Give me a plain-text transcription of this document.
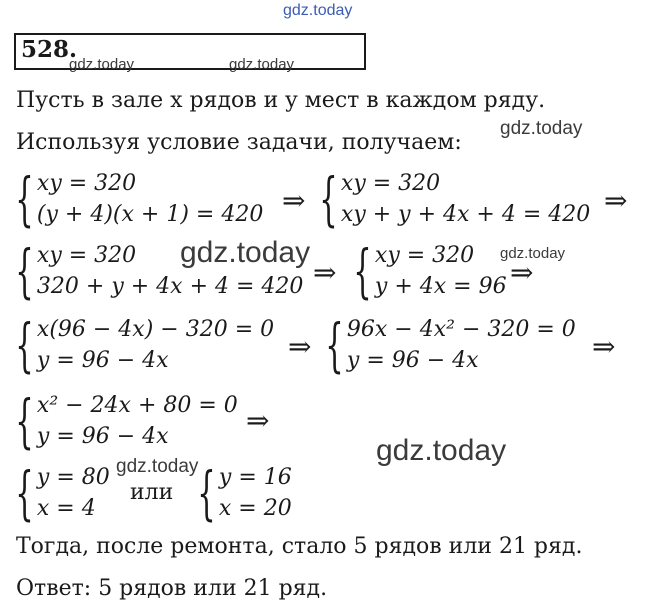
gdz.today
528.
gdz.today	gdz.today
Пусть в зале x рядов и y мест в каждом ряду.
gdz.today
Используя условие задачи, получаем:
{ xy = 320
(y + 4)(x + 1) = 420 ⇒ { xy = 320
xy + y + 4x + 4 = 420 ⇒
{ xy = 320
320 + y + 4x + 4 = 420
gdz.today
⇒ { xy = 320
y + 4x = 96
gdz.today
⇒
{ x(96 − 4x) − 320 = 0
y = 96 − 4x	⇒ { 96x − 4x² − 320 = 0
y = 96 − 4x	⇒
{ x² − 24x + 80 = 0
y = 96 − 4x	⇒
gdz.today
{ y = 80
x = 4
gdz.today
или { y = 16
x = 20
Тогда, после ремонта, стало 5 рядов или 21 ряд.
Ответ: 5 рядов или 21 ряд.
